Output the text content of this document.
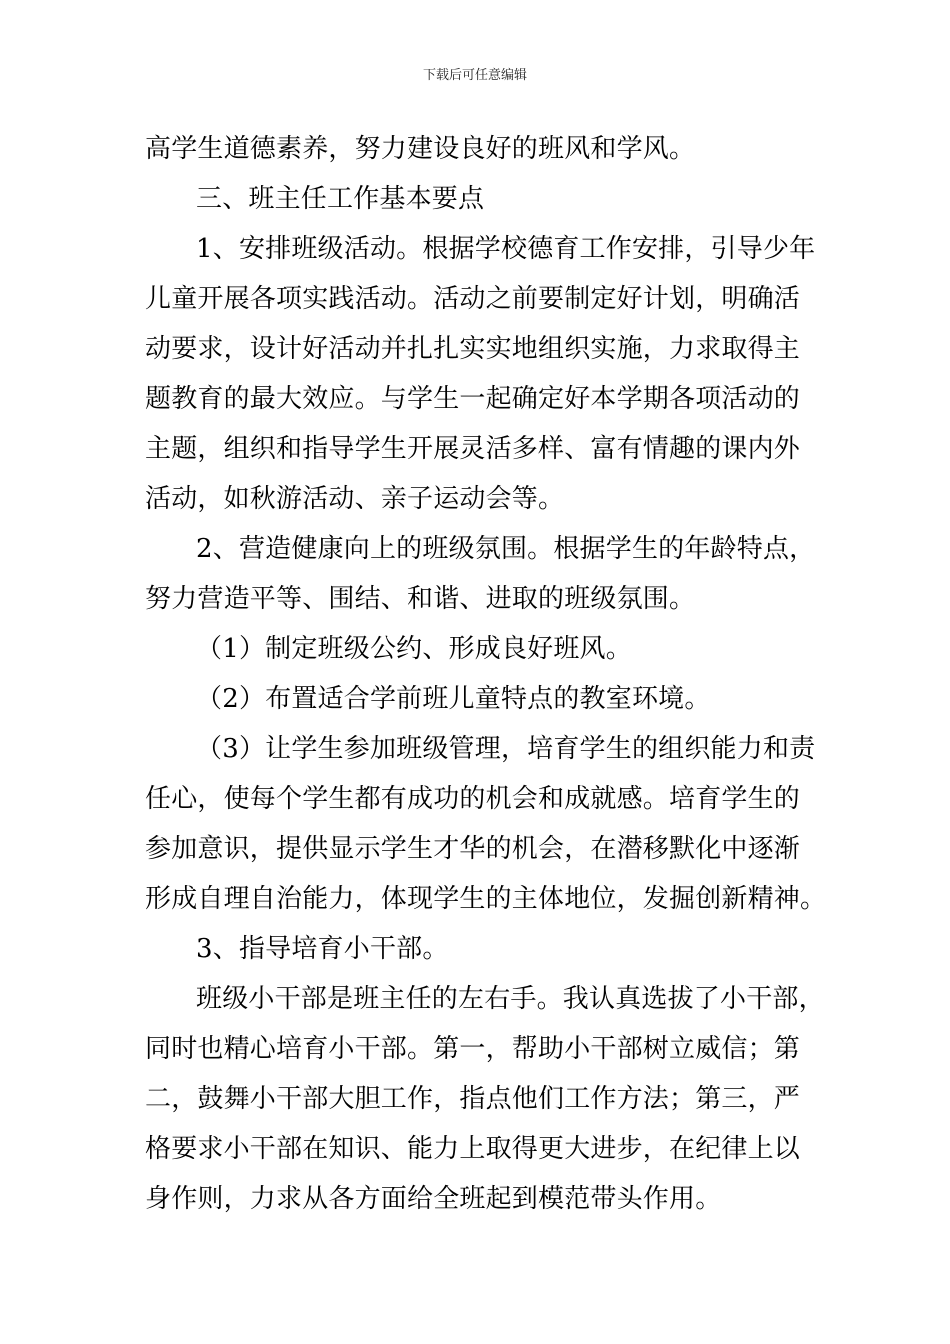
下载后可任意编辑
高学生道德素养，努力建设良好的班风和学风。
三、班主任工作基本要点
1、安排班级活动。根据学校德育工作安排，引导少年
儿童开展各项实践活动。活动之前要制定好计划，明确活
动要求，设计好活动并扎扎实实地组织实施，力求取得主
题教育的最大效应。与学生一起确定好本学期各项活动的
主题，组织和指导学生开展灵活多样、富有情趣的课内外
活动，如秋游活动、亲子运动会等。
2、营造健康向上的班级氛围。根据学生的年龄特点，
努力营造平等、围结、和谐、进取的班级氛围。
（1）制定班级公约、形成良好班风。
（2）布置适合学前班儿童特点的教室环境。
（3）让学生参加班级管理，培育学生的组织能力和责
任心，使每个学生都有成功的机会和成就感。培育学生的
参加意识，提供显示学生才华的机会，在潜移默化中逐渐
形成自理自治能力，体现学生的主体地位，发掘创新精神。
3、指导培育小干部。
班级小干部是班主任的左右手。我认真选拔了小干部，
同时也精心培育小干部。第一，帮助小干部树立威信；第
二，鼓舞小干部大胆工作，指点他们工作方法；第三，严
格要求小干部在知识、能力上取得更大进步，在纪律上以
身作则，力求从各方面给全班起到模范带头作用。
